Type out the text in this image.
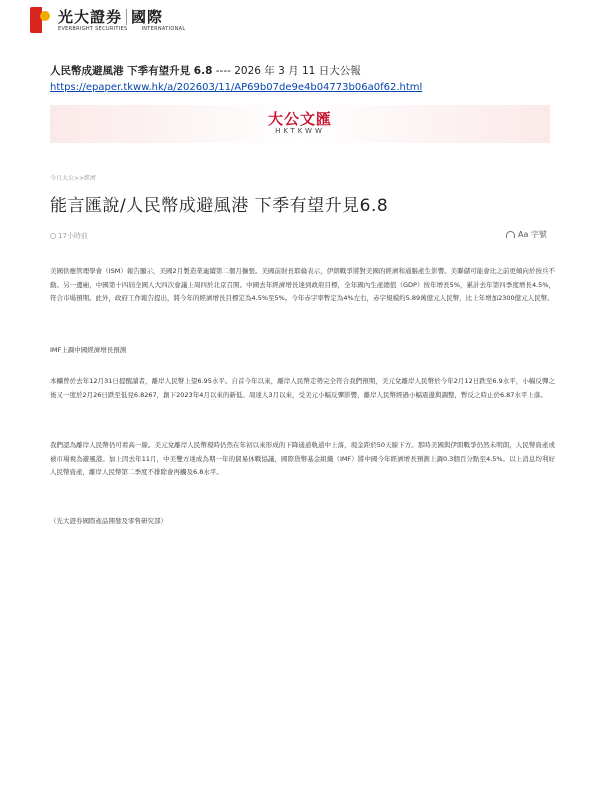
光大證券 國際
EVERBRIGHT SECURITIES	INTERNATIONAL
人民幣成避風港 下季有望升見 6.8 ---- 2026 年 3 月 11 日大公報
https://epaper.tkww.hk/a/202603/11/AP69b07de9e4b04773b06a0f62.html
大公文匯
HKTKWW
今日大公>>經濟
能言匯說/人民幣成避風港 下季有望升見6.8
17小時前	Aa 字號
美國供應管理學會（ISM）報告顯示，美國2月製造業連續第二個月擴張。美國前財長耶倫表示，伊朗戰爭將對美國的經濟和通脹產生影響。美聯儲可能會比之前更傾向於按兵不動。另一邊廂，中國第十四屆全國人大四次會議上周四於北京召開。中國去年經濟增長達到政府目標，全年國內生產總值（GDP）按年增長5%，累計去年第四季度增長4.5%，符合市場預期。此外，政府工作報告提出，將今年的經濟增長目標定為4.5%至5%。今年赤字率暫定為4%左右，赤字規模約5.89萬億元人民幣，比上年增加2300億元人民幣。
IMF上調中國經濟增長預測
本欄曾於去年12月31日提醒讀者，離岸人民幣上望6.95水平。自首今年以來，離岸人民幣走勢完全符合我們預期，美元兌離岸人民幣於今年2月12日跌至6.9水平，小幅反彈之後又一度於2月26日跌至低見6.8267，創下2023年4月以來的新低。周達人3月以來，受美元小幅反彈影響，離岸人民幣經過小幅震盪與調整，暫反之時止於6.87水平上落。
我們認為離岸人民幣仍可看高一線。美元兌離岸人民幣現時仍然在年初以來形成的下降通道軌道中上落，現金距於50天線下方。那時美國與伊朗戰爭仍然未明朗，人民幣資產或被市場視為避風港。加上因去年11月，中美雙方達成為期一年的貿易休戰協議，國際貨幣基金組織（IMF）將中國今年經濟增長預測上調0.3個百分點至4.5%。以上消息均利好人民幣資產，離岸人民幣第二季度不排除會再觸及6.8水平。
（光大證券國際產品開發及零售研究部）
